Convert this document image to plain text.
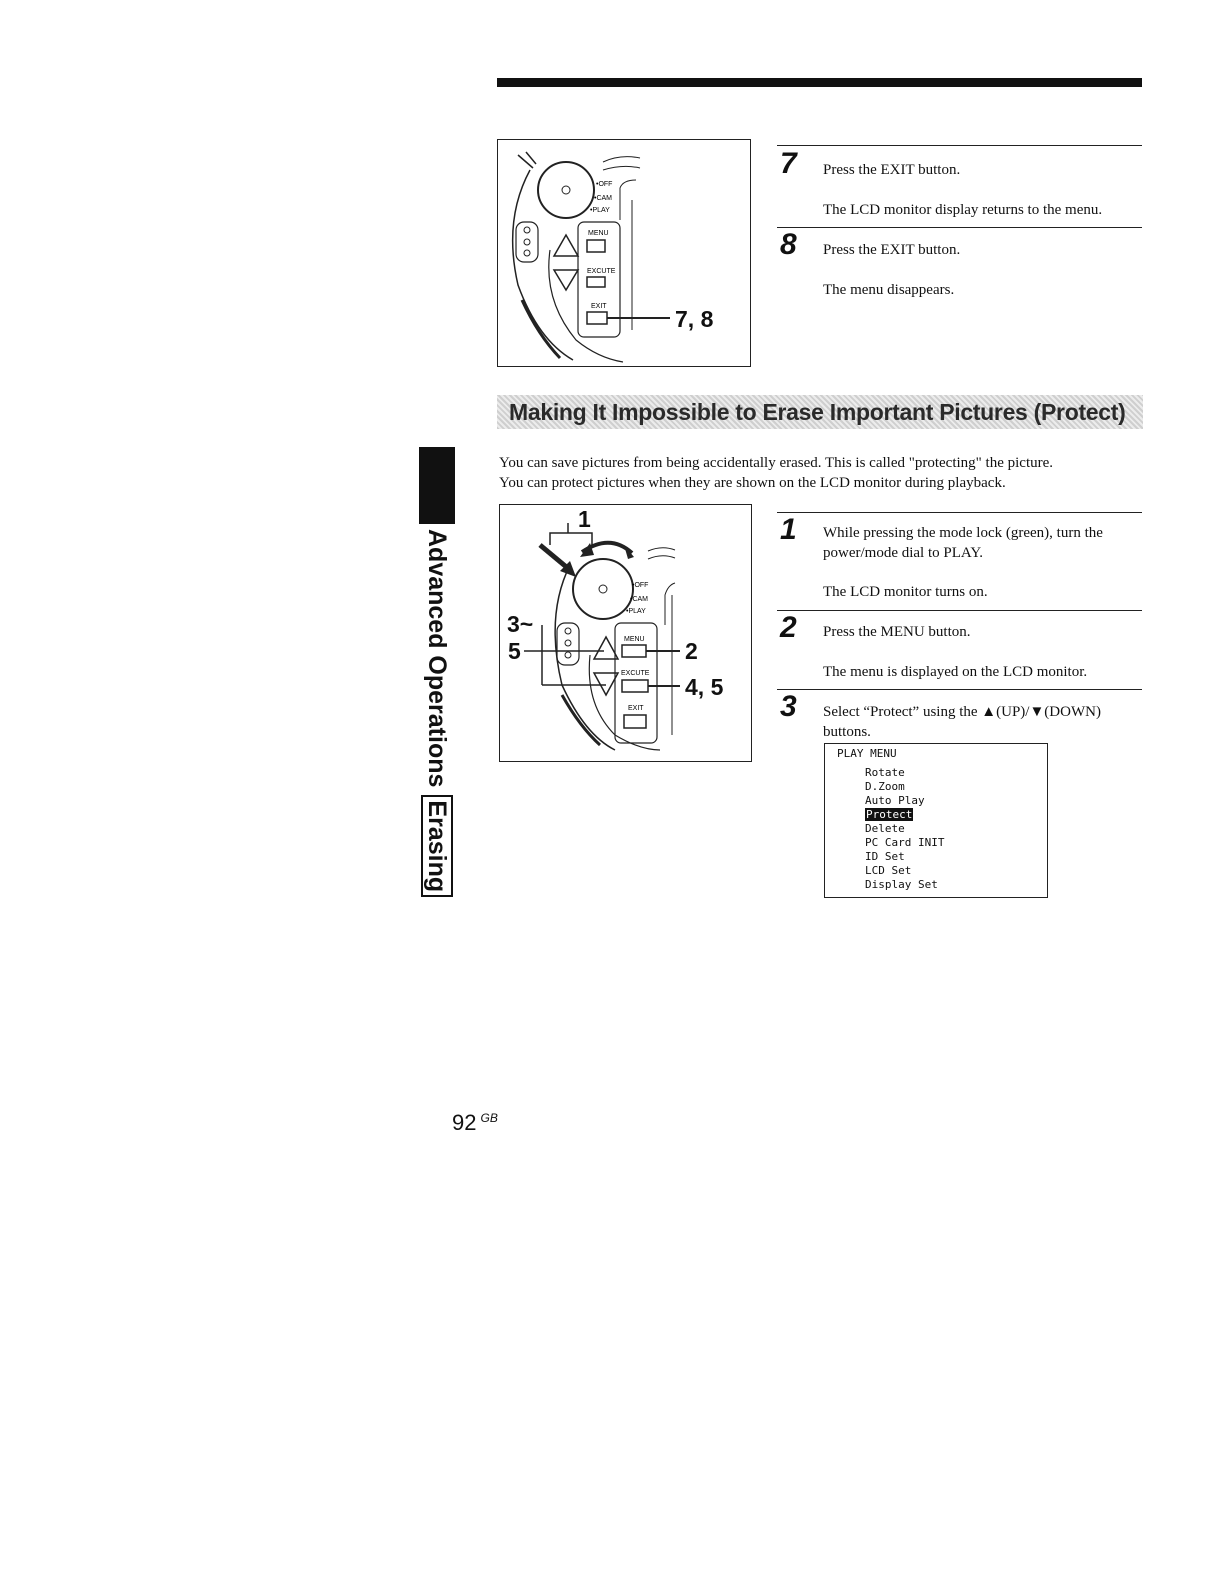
•OFF
•CAM
•PLAY
MENU
EXCUTE
EXIT	7, 8
7 Press the EXIT button.
The LCD monitor display returns to the menu.
8 Press the EXIT button.
The menu disappears.
Making It Impossible to Erase Important Pictures (Protect)
You can save pictures from being accidentally erased. This is called "protecting" the picture.
You can protect pictures when they are shown on the LCD monitor during playback.
Advanced Operations
Erasing
•OFF
•CAM
•PLAY
MENU
EXCUTE
EXIT
1
2
4, 5
3~
5
1 While pressing the mode lock (green), turn the power/mode dial to PLAY.
The LCD monitor turns on.
2 Press the MENU button.
The menu is displayed on the LCD monitor.
3 Select “Protect” using the ▲(UP)/▼(DOWN) buttons.
PLAY MENU
Rotate
D.Zoom
Auto Play
Protect
Delete
PC Card INIT
ID Set
LCD Set
Display Set
92 $^{GB}$
